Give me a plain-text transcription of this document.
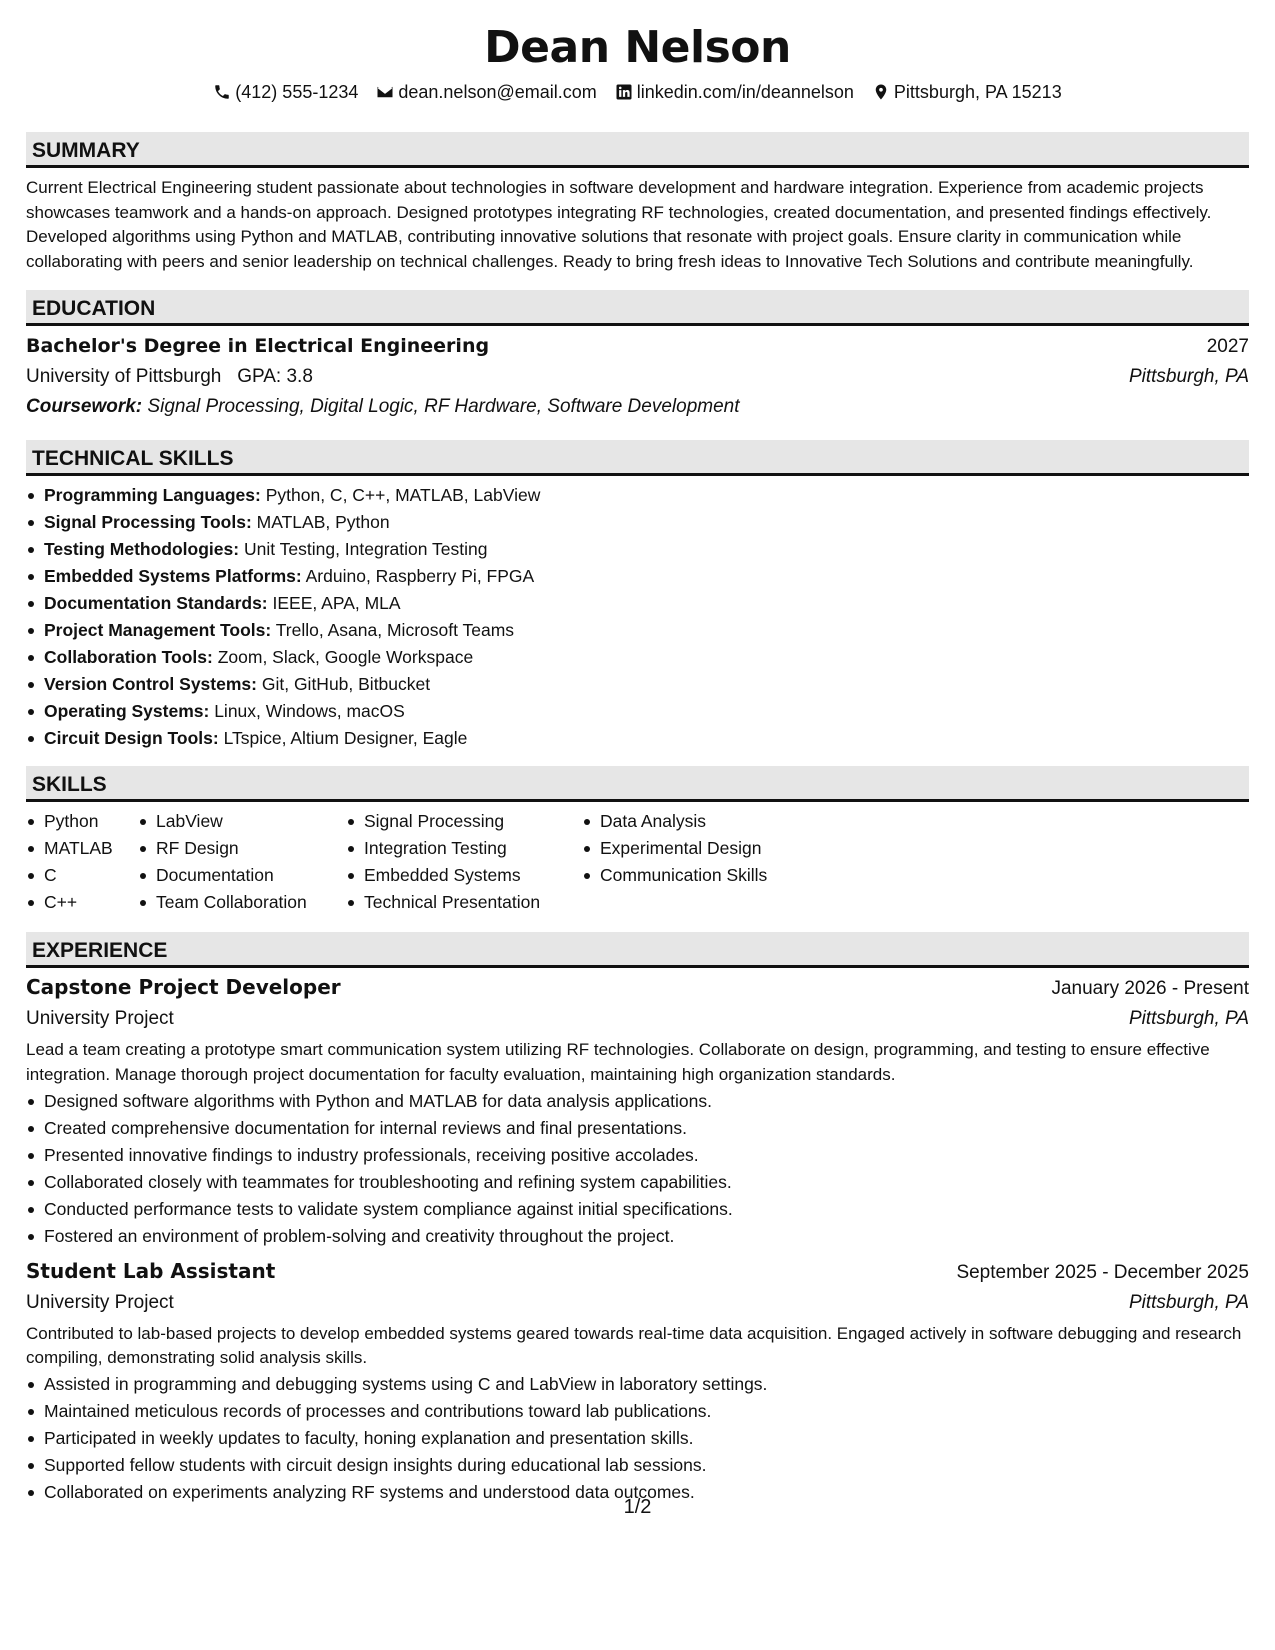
Dean Nelson
(412) 555-1234 dean.nelson@email.com linkedin.com/in/deannelson Pittsburgh, PA 15213
SUMMARY

Current Electrical Engineering student passionate about technologies in software development and hardware integration. Experience from academic projects showcases teamwork and a hands-on approach. Designed prototypes integrating RF technologies, created documentation, and presented findings effectively. Developed algorithms using Python and MATLAB, contributing innovative solutions that resonate with project goals. Ensure clarity in communication while collaborating with peers and senior leadership on technical challenges. Ready to bring fresh ideas to Innovative Tech Solutions and contribute meaningfully.

EDUCATION
Bachelor's Degree in Electrical Engineering	2027
University of Pittsburgh GPA: 3.8	Pittsburgh, PA
Coursework: Signal Processing, Digital Logic, RF Hardware, Software Development
TECHNICAL SKILLS
Programming Languages: Python, C, C++, MATLAB, LabView
Signal Processing Tools: MATLAB, Python
Testing Methodologies: Unit Testing, Integration Testing
Embedded Systems Platforms: Arduino, Raspberry Pi, FPGA
Documentation Standards: IEEE, APA, MLA
Project Management Tools: Trello, Asana, Microsoft Teams
Collaboration Tools: Zoom, Slack, Google Workspace
Version Control Systems: Git, GitHub, Bitbucket
Operating Systems: Linux, Windows, macOS
Circuit Design Tools: LTspice, Altium Designer, Eagle
SKILLS
Python
MATLAB
C
C++
LabView
RF Design
Documentation
Team Collaboration
Signal Processing
Integration Testing
Embedded Systems
Technical Presentation
Data Analysis
Experimental Design
Communication Skills
EXPERIENCE
Capstone Project Developer	January 2026 - Present
University Project	Pittsburgh, PA

Lead a team creating a prototype smart communication system utilizing RF technologies. Collaborate on design, programming, and testing to ensure effective integration. Manage thorough project documentation for faculty evaluation, maintaining high organization standards.

Designed software algorithms with Python and MATLAB for data analysis applications.
Created comprehensive documentation for internal reviews and final presentations.
Presented innovative findings to industry professionals, receiving positive accolades.
Collaborated closely with teammates for troubleshooting and refining system capabilities.
Conducted performance tests to validate system compliance against initial specifications.
Fostered an environment of problem-solving and creativity throughout the project.
Student Lab Assistant	September 2025 - December 2025
University Project	Pittsburgh, PA

Contributed to lab-based projects to develop embedded systems geared towards real-time data acquisition. Engaged actively in software debugging and research compiling, demonstrating solid analysis skills.

Assisted in programming and debugging systems using C and LabView in laboratory settings.
Maintained meticulous records of processes and contributions toward lab publications.
Participated in weekly updates to faculty, honing explanation and presentation skills.
Supported fellow students with circuit design insights during educational lab sessions.
Collaborated on experiments analyzing RF systems and understood data outcomes.
1/2
